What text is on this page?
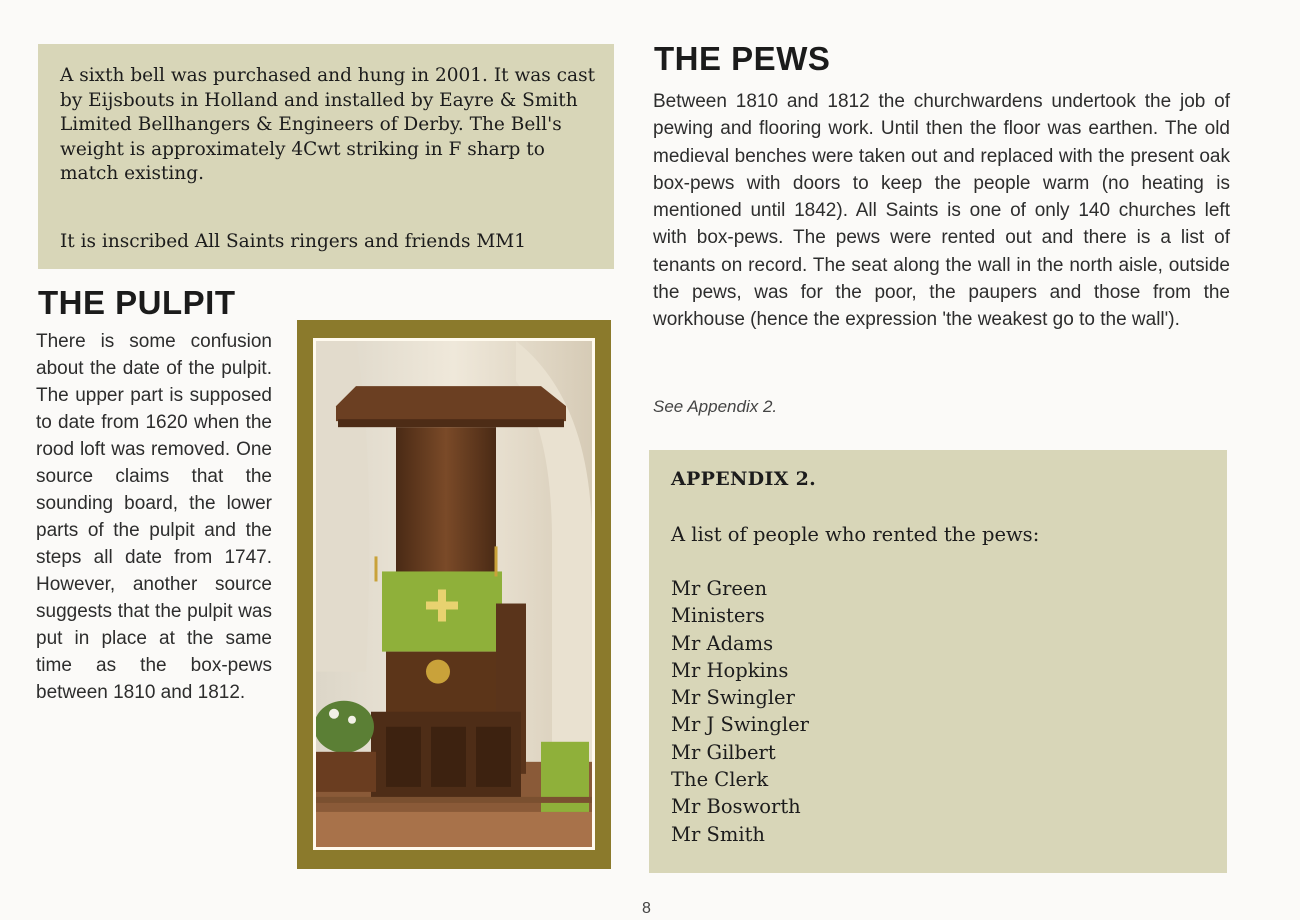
A sixth bell was purchased and hung in 2001. It was cast by Eijsbouts in Holland and installed by Eayre & Smith Limited Bellhangers & Engineers of Derby. The Bell's weight is approximately 4Cwt striking in F sharp to match existing.

It is inscribed All Saints ringers and friends MM1

THE PULPIT

There is some confusion about the date of the pulpit. The upper part is supposed to date from 1620 when the rood loft was removed. One source claims that the sounding board, the lower parts of the pulpit and the steps all date from 1747. However, another source suggests that the pulpit was put in place at the same time as the box-pews between 1810 and 1812.

THE PEWS

Between 1810 and 1812 the churchwardens undertook the job of pewing and flooring work. Until then the floor was earthen. The old medieval benches were taken out and replaced with the present oak box-pews with doors to keep the people warm (no heating is mentioned until 1842). All Saints is one of only 140 churches left with box-pews. The pews were rented out and there is a list of tenants on record. The seat along the wall in the north aisle, outside the pews, was for the poor, the paupers and those from the workhouse (hence the expression 'the weakest go to the wall').

See Appendix 2.

APPENDIX 2.

A list of people who rented the pews:

Mr Green
Ministers
Mr Adams
Mr Hopkins
Mr Swingler
Mr J Swingler
Mr Gilbert
The Clerk
Mr Bosworth
Mr Smith
8
